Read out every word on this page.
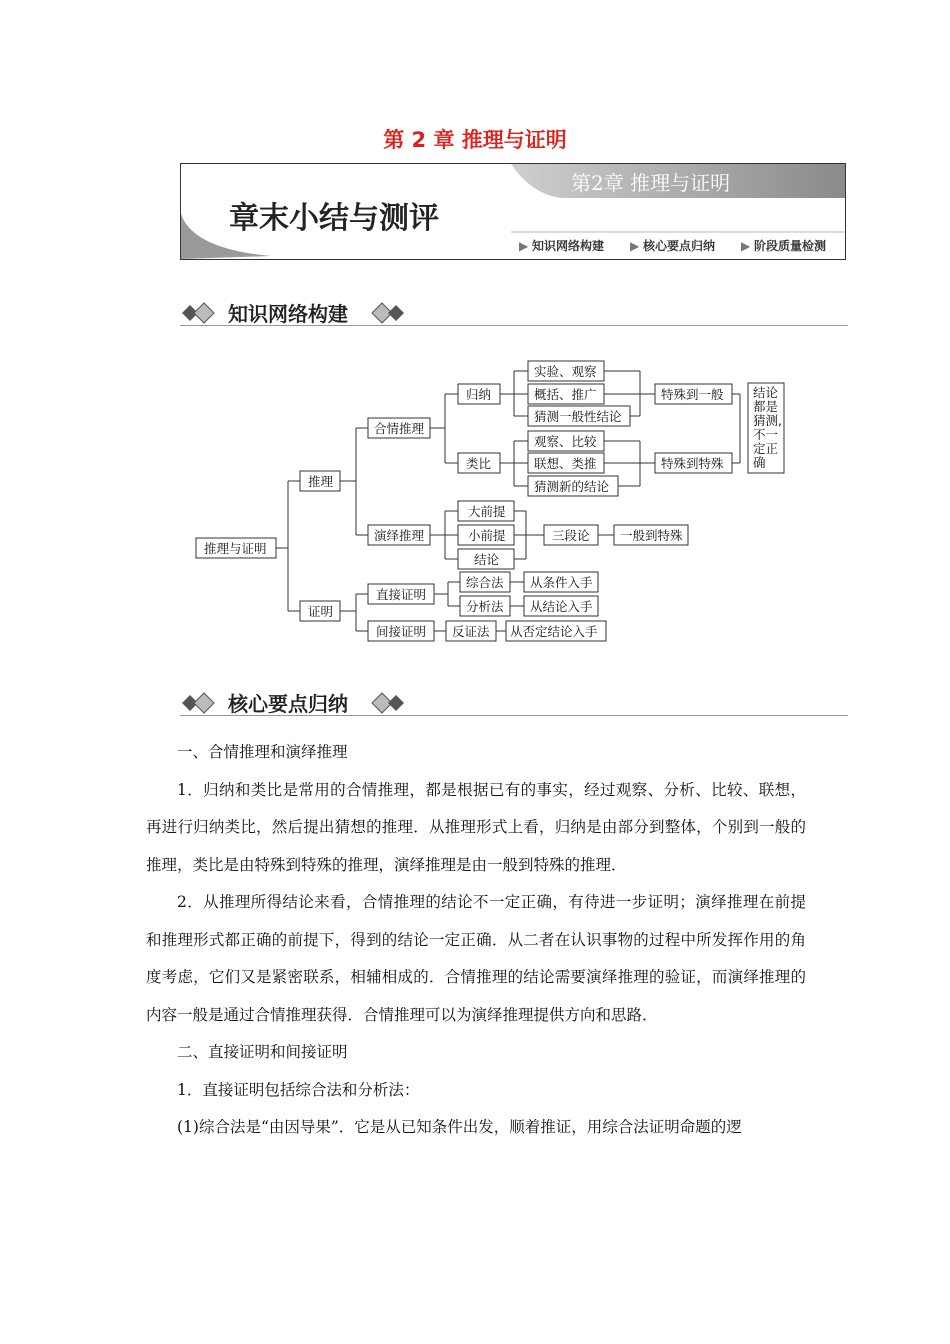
第 2 章 推理与证明
第2章 推理与证明
章末小结与测评
▶ 知识网络构建 ▶ 核心要点归纳 ▶ 阶段质量检测
知识网络构建
推理与证明
推理
证明
合情推理
演绎推理
归纳
类比
实验、观察
概括、推广
猜测一般性结论
观察、比较
联想、类推
猜测新的结论
特殊到一般
特殊到特殊
结论
都是
猜测,
不一
定正
确
大前提
小前提
结论
三段论 一般到特殊
直接证明
间接证明
综合法
分析法
反证法
从条件入手
从结论入手
从否定结论入手
核心要点归纳

一、合情推理和演绎推理

1．归纳和类比是常用的合情推理，都是根据已有的事实，经过观察、分析、比较、联想，再进行归纳类比，然后提出猜想的推理．从推理形式上看，归纳是由部分到整体，个别到一般的推理，类比是由特殊到特殊的推理，演绎推理是由一般到特殊的推理．

2．从推理所得结论来看，合情推理的结论不一定正确，有待进一步证明；演绎推理在前提和推理形式都正确的前提下，得到的结论一定正确．从二者在认识事物的过程中所发挥作用的角度考虑，它们又是紧密联系，相辅相成的．合情推理的结论需要演绎推理的验证，而演绎推理的内容一般是通过合情推理获得．合情推理可以为演绎推理提供方向和思路．

二、直接证明和间接证明

1．直接证明包括综合法和分析法：

(1)综合法是“由因导果”．它是从已知条件出发，顺着推证，用综合法证明命题的逻
